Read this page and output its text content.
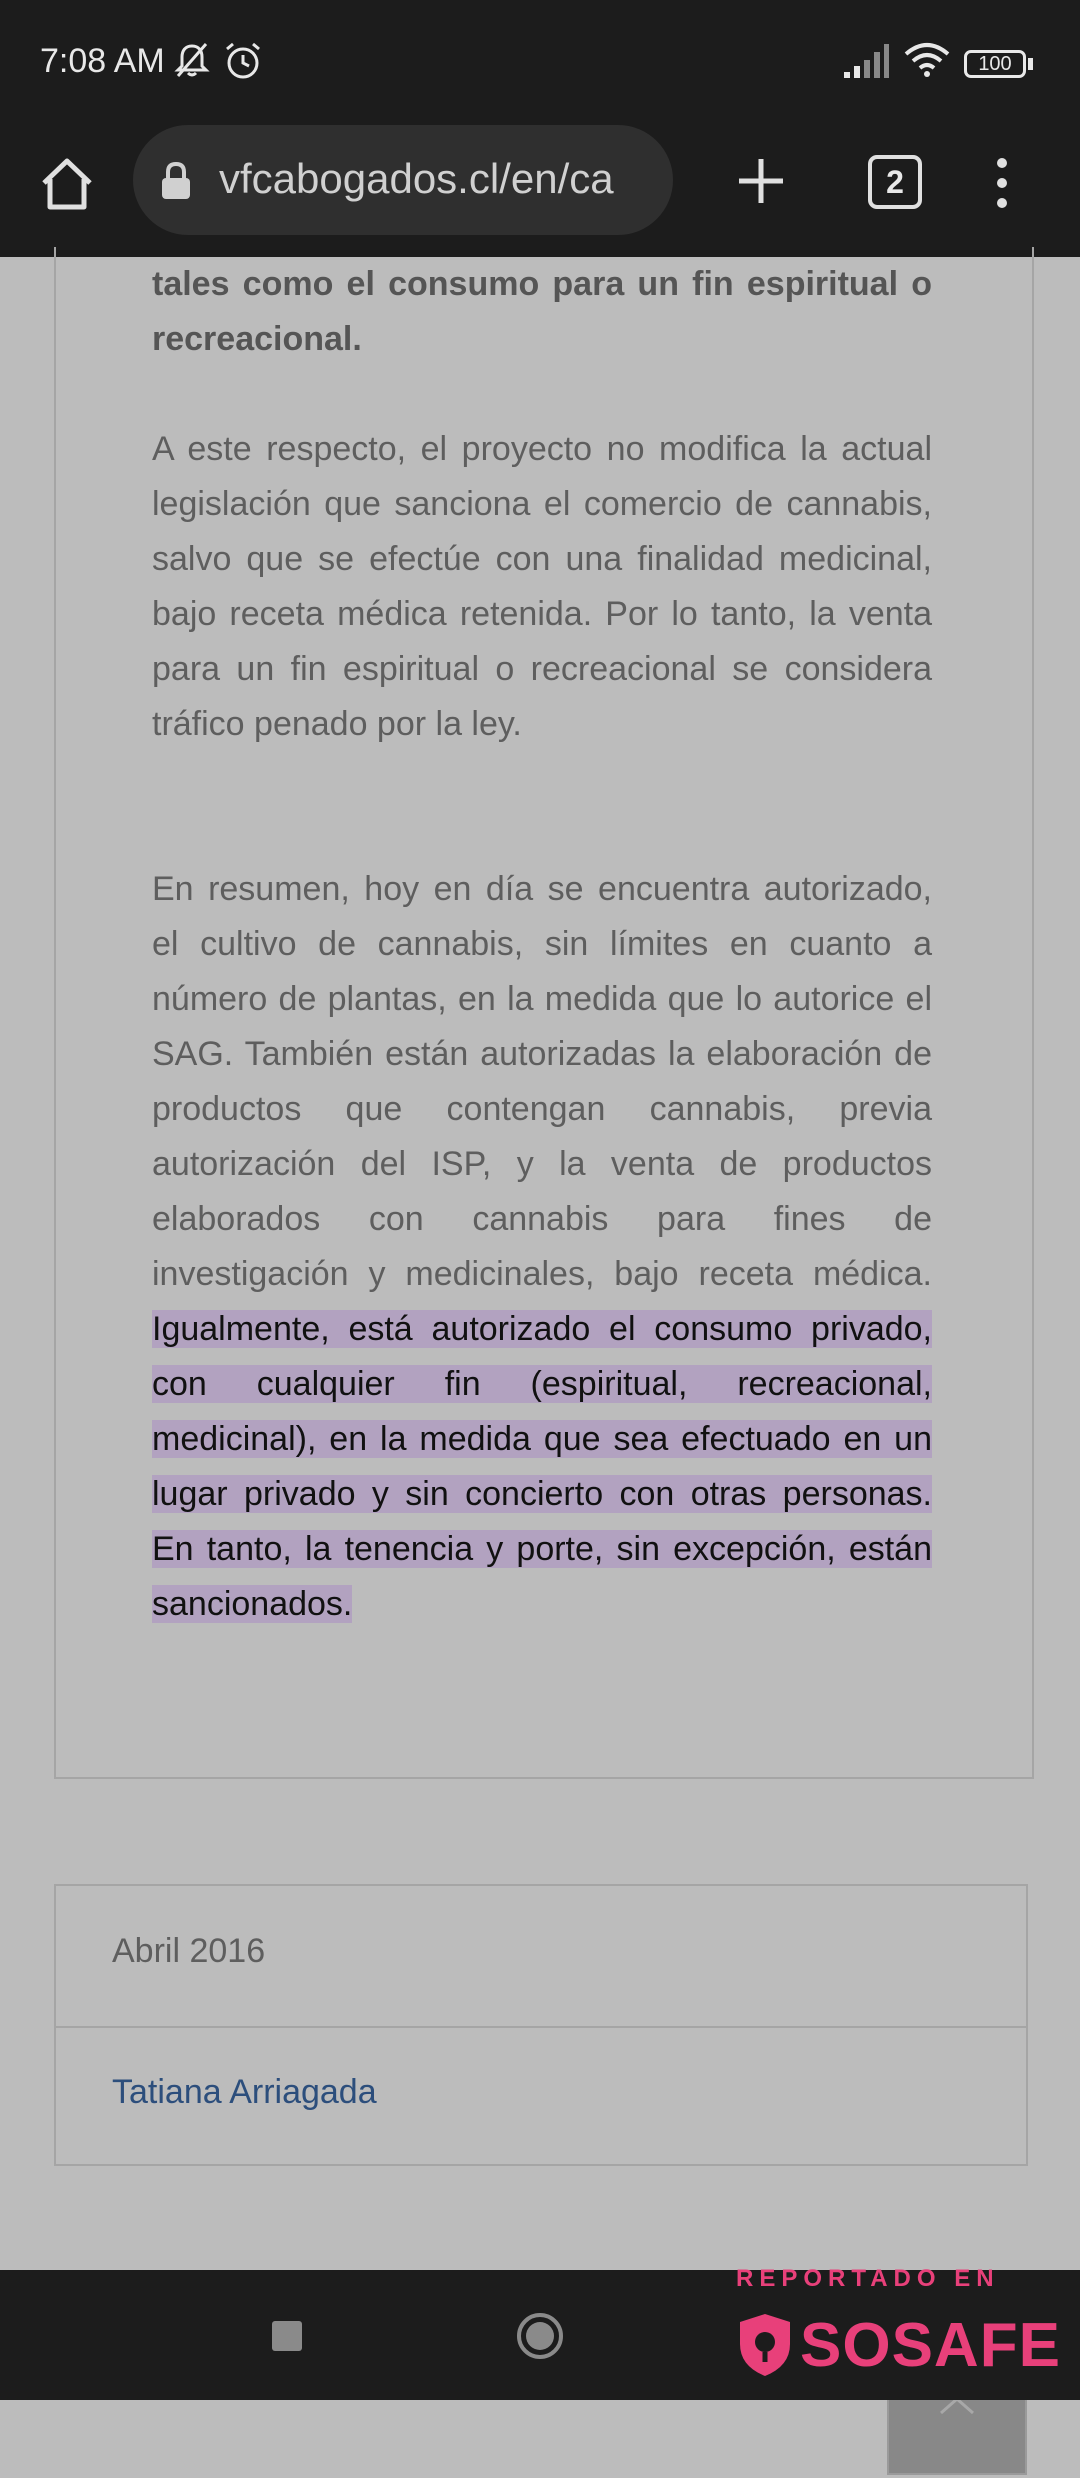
7:08 AM	100
vfcabogados.cl/en/ca	2

tales como el consumo para un fin espiritual o recreacional.

A este respecto, el proyecto no modifica la actual legislación que sanciona el comercio de cannabis, salvo que se efectúe con una finalidad medicinal, bajo receta médica retenida. Por lo tanto, la venta para un fin espiritual o recreacional se considera tráfico penado por la ley.

En resumen, hoy en día se encuentra autorizado, el cultivo de cannabis, sin límites en cuanto a número de plantas, en la medida que lo autorice el SAG. También están autorizadas la elaboración de productos que contengan cannabis, previa autorización del ISP, y la venta de productos elaborados con cannabis para fines de investigación y medicinales, bajo receta médica. Igualmente, está autorizado el consumo privado, con cualquier fin (espiritual, recreacional, medicinal), en la medida que sea efectuado en un lugar privado y sin concierto con otras personas. En tanto, la tenencia y porte, sin excepción, están sancionados.

Abril 2016
Tatiana Arriagada
REPORTADO EN
SOSAFE
